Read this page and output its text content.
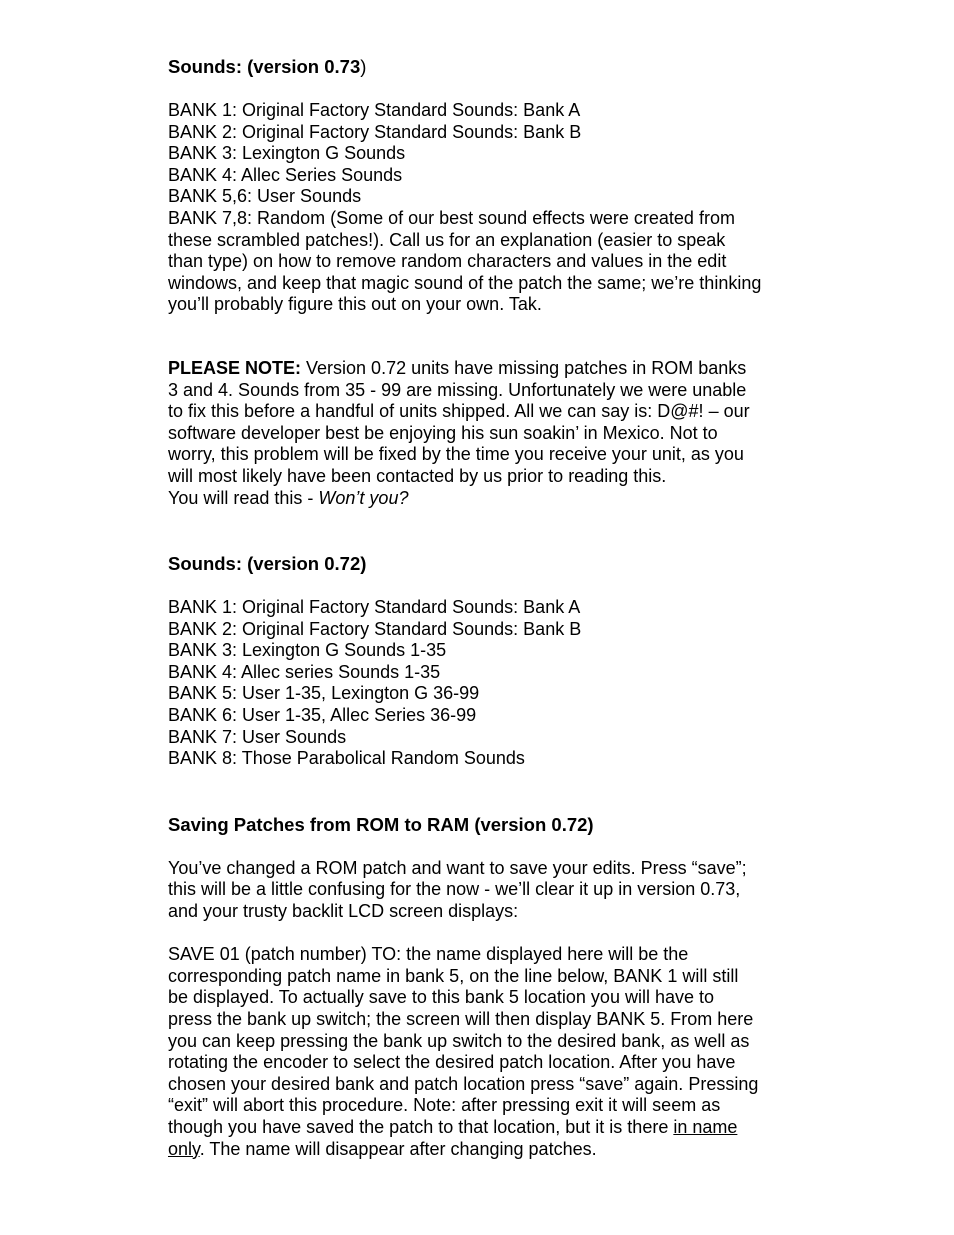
Sounds: (version 0.73)
BANK 1: Original Factory Standard Sounds: Bank A
BANK 2: Original Factory Standard Sounds: Bank B
BANK 3: Lexington G Sounds
BANK 4: Allec Series Sounds
BANK 5,6: User Sounds
BANK 7,8: Random (Some of our best sound effects were created from
these scrambled patches!). Call us for an explanation (easier to speak
than type) on how to remove random characters and values in the edit
windows, and keep that magic sound of the patch the same; we’re thinking
you’ll probably figure this out on your own. Tak.
PLEASE NOTE: Version 0.72 units have missing patches in ROM banks
3 and 4. Sounds from 35 - 99 are missing. Unfortunately we were unable
to fix this before a handful of units shipped. All we can say is: D@#! – our
software developer best be enjoying his sun soakin’ in Mexico. Not to
worry, this problem will be fixed by the time you receive your unit, as you
will most likely have been contacted by us prior to reading this.
You will read this - Won’t you?
Sounds: (version 0.72)
BANK 1: Original Factory Standard Sounds: Bank A
BANK 2: Original Factory Standard Sounds: Bank B
BANK 3: Lexington G Sounds 1-35
BANK 4: Allec series Sounds 1-35
BANK 5: User 1-35, Lexington G 36-99
BANK 6: User 1-35, Allec Series 36-99
BANK 7: User Sounds
BANK 8: Those Parabolical Random Sounds
Saving Patches from ROM to RAM (version 0.72)
You’ve changed a ROM patch and want to save your edits. Press “save”;
this will be a little confusing for the now - we’ll clear it up in version 0.73,
and your trusty backlit LCD screen displays:
SAVE 01 (patch number) TO: the name displayed here will be the
corresponding patch name in bank 5, on the line below, BANK 1 will still
be displayed. To actually save to this bank 5 location you will have to
press the bank up switch; the screen will then display BANK 5. From here
you can keep pressing the bank up switch to the desired bank, as well as
rotating the encoder to select the desired patch location. After you have
chosen your desired bank and patch location press “save” again. Pressing
“exit” will abort this procedure. Note: after pressing exit it will seem as
though you have saved the patch to that location, but it is there in name
only. The name will disappear after changing patches.
